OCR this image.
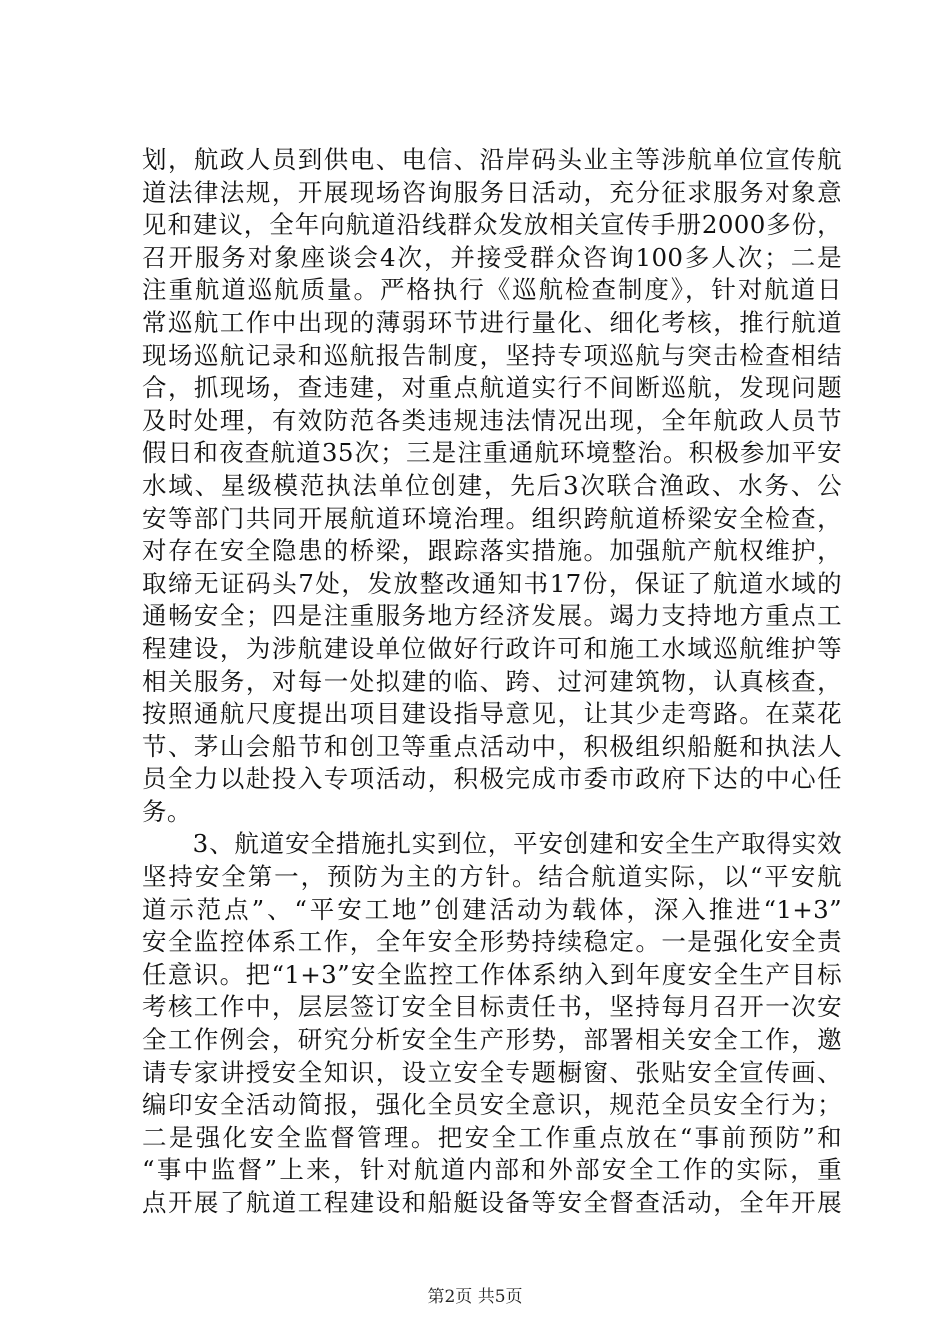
划，航政人员到供电、电信、沿岸码头业主等涉航单位宣传航
道法律法规，开展现场咨询服务日活动，充分征求服务对象意
见和建议，全年向航道沿线群众发放相关宣传手册2000多份，
召开服务对象座谈会4次，并接受群众咨询100多人次；二是
注重航道巡航质量。严格执行《巡航检查制度》，针对航道日
常巡航工作中出现的薄弱环节进行量化、细化考核，推行航道
现场巡航记录和巡航报告制度，坚持专项巡航与突击检查相结
合，抓现场，查违建，对重点航道实行不间断巡航，发现问题
及时处理，有效防范各类违规违法情况出现，全年航政人员节
假日和夜查航道35次；三是注重通航环境整治。积极参加平安
水域、星级模范执法单位创建，先后3次联合渔政、水务、公
安等部门共同开展航道环境治理。组织跨航道桥梁安全检查，
对存在安全隐患的桥梁，跟踪落实措施。加强航产航权维护，
取缔无证码头7处，发放整改通知书17份，保证了航道水域的
通畅安全；四是注重服务地方经济发展。竭力支持地方重点工
程建设，为涉航建设单位做好行政许可和施工水域巡航维护等
相关服务，对每一处拟建的临、跨、过河建筑物，认真核查，
按照通航尺度提出项目建设指导意见，让其少走弯路。在菜花
节、茅山会船节和创卫等重点活动中，积极组织船艇和执法人
员全力以赴投入专项活动，积极完成市委市政府下达的中心任
务。
　　3、航道安全措施扎实到位，平安创建和安全生产取得实效
坚持安全第一，预防为主的方针。结合航道实际，以“平安航
道示范点”、“平安工地”创建活动为载体，深入推进“1+3”
安全监控体系工作，全年安全形势持续稳定。一是强化安全责
任意识。把“1+3”安全监控工作体系纳入到年度安全生产目标
考核工作中，层层签订安全目标责任书，坚持每月召开一次安
全工作例会，研究分析安全生产形势，部署相关安全工作，邀
请专家讲授安全知识，设立安全专题橱窗、张贴安全宣传画、
编印安全活动简报，强化全员安全意识，规范全员安全行为；
二是强化安全监督管理。把安全工作重点放在“事前预防”和
“事中监督”上来，针对航道内部和外部安全工作的实际，重
点开展了航道工程建设和船艇设备等安全督查活动，全年开展
第2页 共5页
